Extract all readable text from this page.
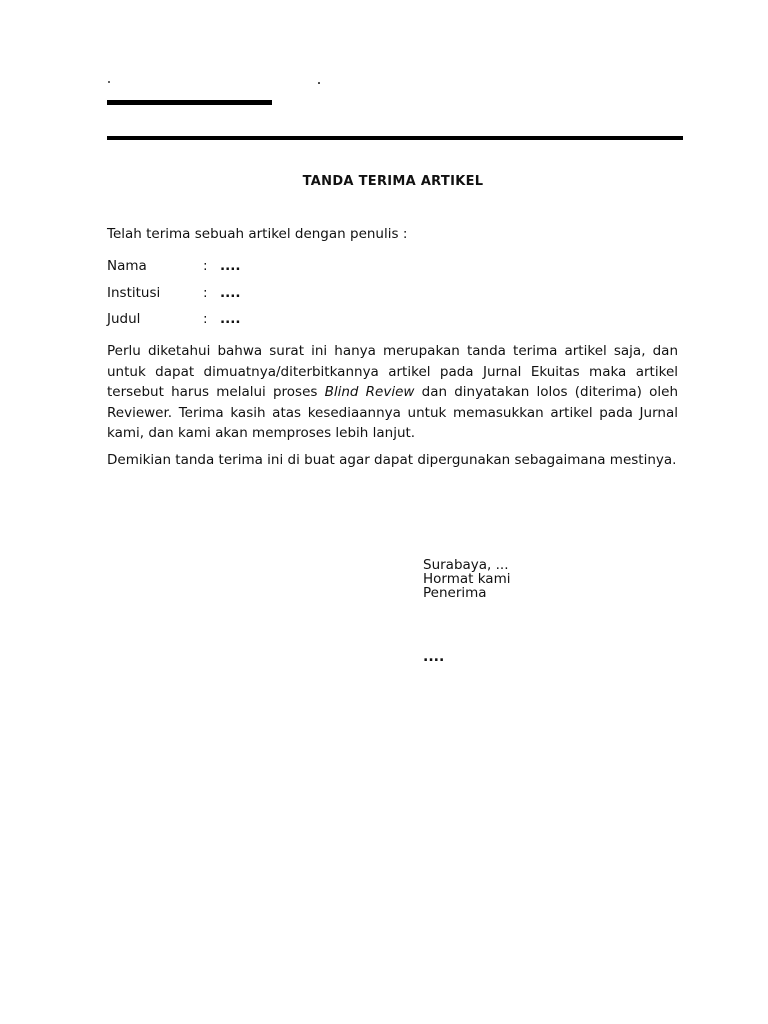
TANDA TERIMA ARTIKEL
Telah terima sebuah artikel dengan penulis :
Nama	: ....
Institusi	: ....
Judul	: ....

Perlu diketahui bahwa surat ini hanya merupakan tanda terima artikel saja, dan untuk dapat dimuatnya/diterbitkannya artikel pada Jurnal Ekuitas maka artikel tersebut harus melalui proses Blind Review dan dinyatakan lolos (diterima) oleh Reviewer. Terima kasih atas kesediaannya untuk memasukkan artikel pada Jurnal kami, dan kami akan memproses lebih lanjut.

Demikian tanda terima ini di buat agar dapat dipergunakan sebagaimana mestinya.

Surabaya, ...
Hormat kami
Penerima
....
